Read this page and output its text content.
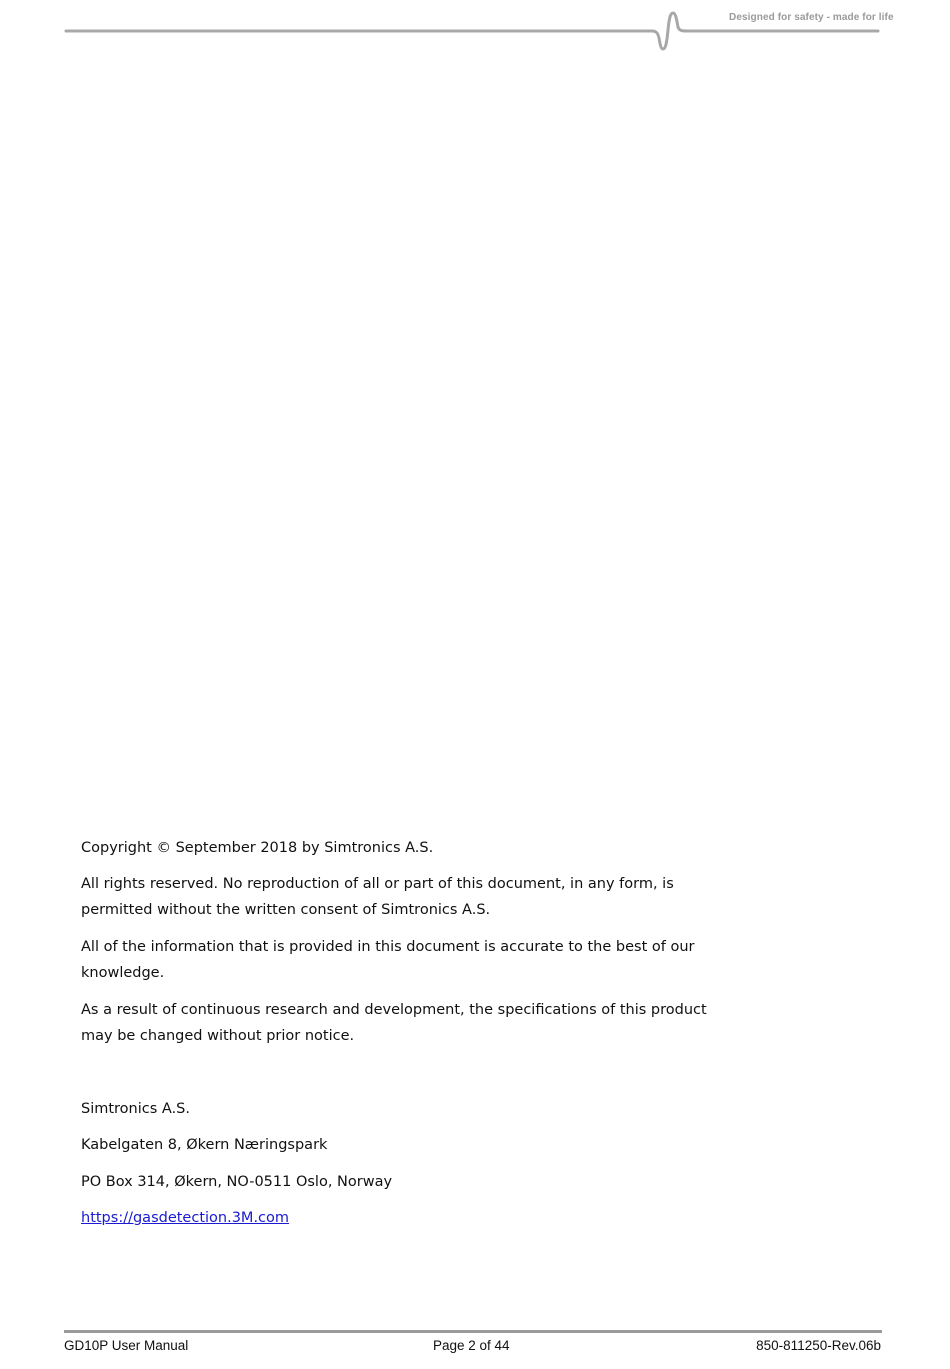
Designed for safety - made for life

Copyright © September 2018 by Simtronics A.S.

All rights reserved. No reproduction of all or part of this document, in any form, is permitted without the written consent of Simtronics A.S.

All of the information that is provided in this document is accurate to the best of our knowledge.

As a result of continuous research and development, the specifications of this product may be changed without prior notice.

Simtronics A.S.
Kabelgaten 8, Økern Næringspark
PO Box 314, Økern, NO-0511 Oslo, Norway
https://gasdetection.3M.com
GD10P User Manual	Page 2 of 44	850-811250-Rev.06b
